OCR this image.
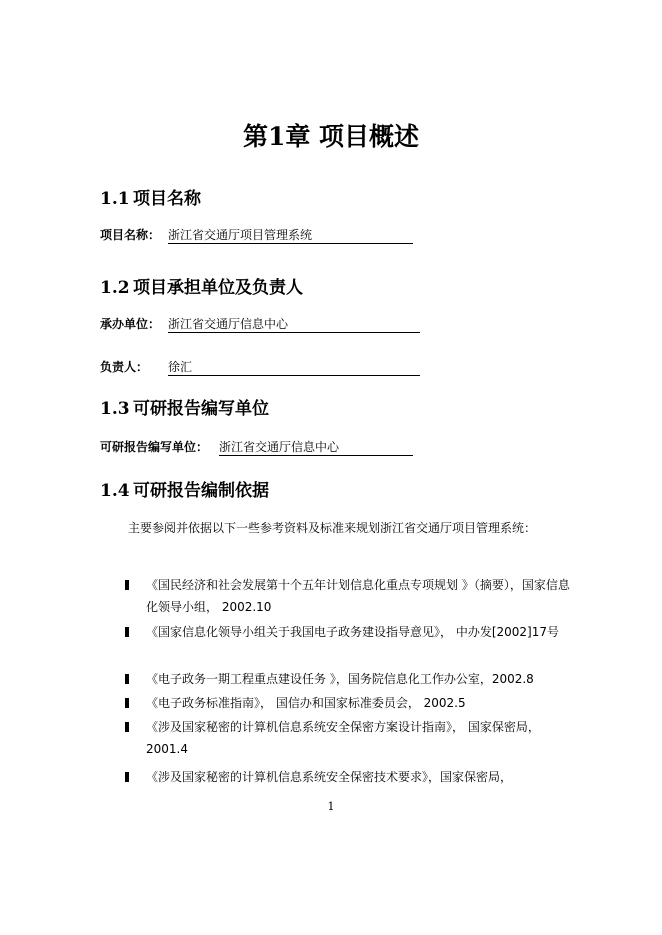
第1章 项目概述
1.1 项目名称
项目名称： 浙江省交通厅项目管理系统
1.2 项目承担单位及负责人
承办单位： 浙江省交通厅信息中心
负责人： 徐汇
1.3 可研报告编写单位
可研报告编写单位： 浙江省交通厅信息中心
1.4 可研报告编制依据
主要参阅并依据以下一些参考资料及标准来规划浙江省交通厅项目管理系统：
《国民经济和社会发展第十个五年计划信息化重点专项规划 》（摘要），国家信息化领导小组， 2002.10
《国家信息化领导小组关于我国电子政务建设指导意见》， 中办发[2002]17号
《电子政务一期工程重点建设任务 》，国务院信息化工作办公室，2002.8
《电子政务标准指南》， 国信办和国家标准委员会， 2002.5
《涉及国家秘密的计算机信息系统安全保密方案设计指南》， 国家保密局，2001.4
《涉及国家秘密的计算机信息系统安全保密技术要求》，国家保密局，
1
